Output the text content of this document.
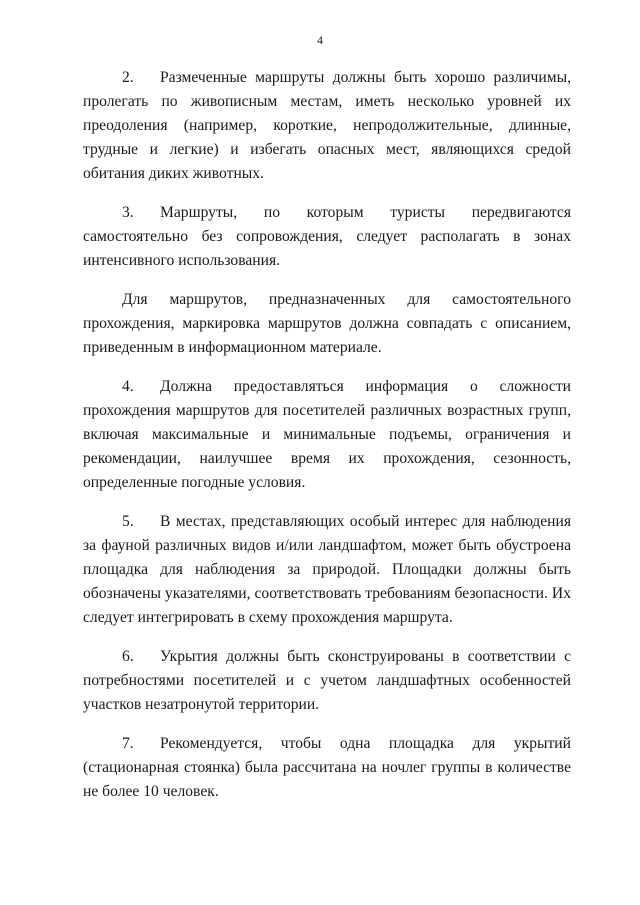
4

2. Размеченные маршруты должны быть хорошо различимы, пролегать по живописным местам, иметь несколько уровней их преодоления (например, короткие, непродолжительные, длинные, трудные и легкие) и избегать опасных мест, являющихся средой обитания диких животных.

3. Маршруты, по которым туристы передвигаются самостоятельно без сопровождения, следует располагать в зонах интенсивного использования.

Для маршрутов, предназначенных для самостоятельного прохождения, маркировка маршрутов должна совпадать с описанием, приведенным в информационном материале.

4. Должна предоставляться информация о сложности прохождения маршрутов для посетителей различных возрастных групп, включая максимальные и минимальные подъемы, ограничения и рекомендации, наилучшее время их прохождения, сезонность, определенные погодные условия.

5. В местах, представляющих особый интерес для наблюдения за фауной различных видов и/или ландшафтом, может быть обустроена площадка для наблюдения за природой. Площадки должны быть обозначены указателями, соответствовать требованиям безопасности. Их следует интегрировать в схему прохождения маршрута.

6. Укрытия должны быть сконструированы в соответствии с потребностями посетителей и с учетом ландшафтных особенностей участков незатронутой территории.

7. Рекомендуется, чтобы одна площадка для укрытий (стационарная стоянка) была рассчитана на ночлег группы в количестве не более 10 человек.
